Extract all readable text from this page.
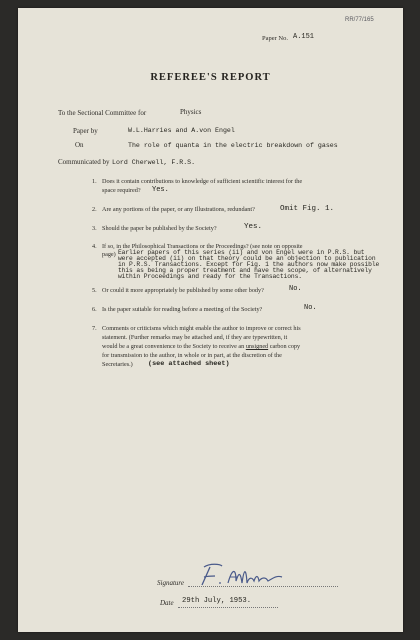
RR/77/165
Paper No. A.151
REFEREE'S REPORT
To the Sectional Committee for	Physics
Paper by	W.L.Harries and A.von Engel
On	The role of quanta in the electric breakdown of gases
Communicated by Lord Cherwell, F.R.S.
1. Does it contain contributions to knowledge of sufficient scientific interest for the
space required? Yes.
2. Are any portions of the paper, or any Illustrations, redundant?	Omit Fig. 1.
3. Should the paper be published by the Society?	Yes.
4. If so, in the Philosophical Transactions or the Proceedings? (see note on opposite
page) Earlier papers of this series (ii) and von Engel were in P.R.S. but
were accepted (ii) on that theory could be an objection to publication
in P.R.S. Transactions. Except for Fig. 1 the authors now make possible
this as being a proper treatment and have the scope, of alternatively
within Proceedings and ready for the Transactions.
5. Or could it more appropriately be published by some other body?	No.
6. Is the paper suitable for reading before a meeting of the Society?	No.
7. Comments or criticisms which might enable the author to improve or correct his
statement. (Further remarks may be attached and, if they are typewritten, it
would be a great convenience to the Society to receive an unsigned carbon copy
for transmission to the author, in whole or in part, at the discretion of the
Secretaries.) (see attached sheet)
Signature
Date 29th July, 1953.
